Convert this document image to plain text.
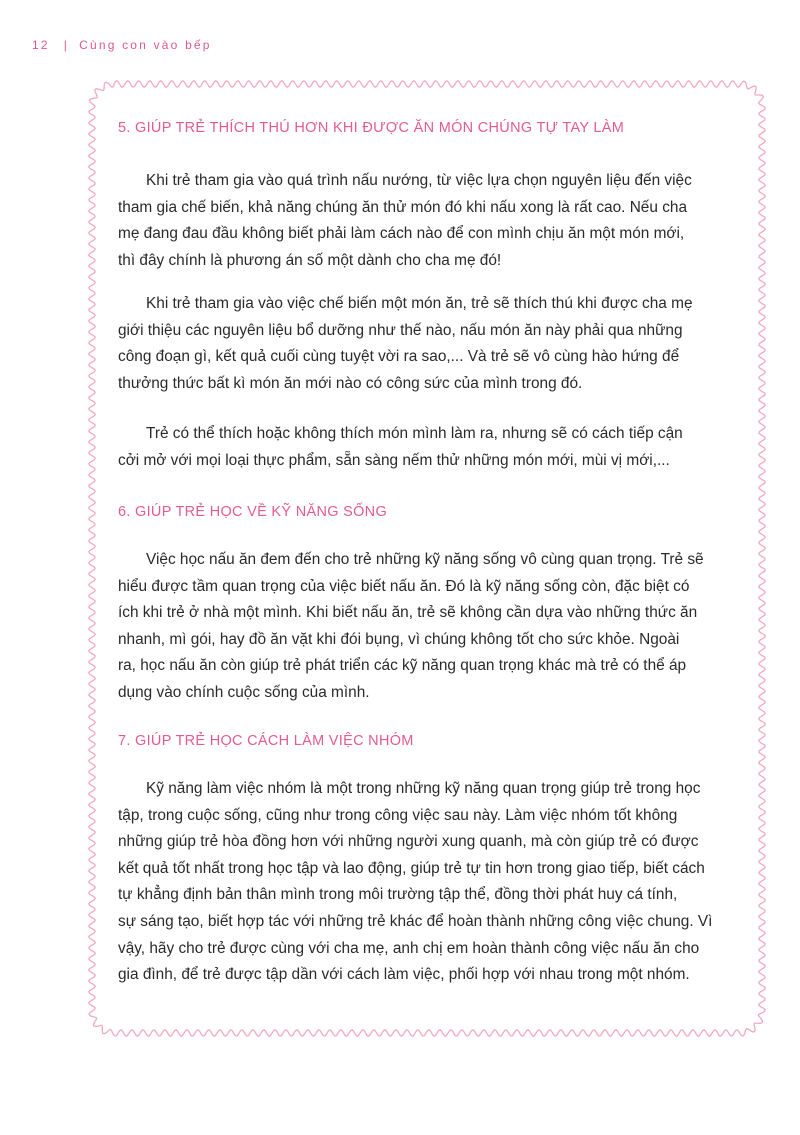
12 | Cùng con vào bếp
5. GIÚP TRẺ THÍCH THÚ HƠN KHI ĐƯỢC ĂN MÓN CHÚNG TỰ TAY LÀM

Khi trẻ tham gia vào quá trình nấu nướng, từ việc lựa chọn nguyên liệu đến việc
tham gia chế biến, khả năng chúng ăn thử món đó khi nấu xong là rất cao. Nếu cha
mẹ đang đau đầu không biết phải làm cách nào để con mình chịu ăn một món mới,
thì đây chính là phương án số một dành cho cha mẹ đó!

Khi trẻ tham gia vào việc chế biến một món ăn, trẻ sẽ thích thú khi được cha mẹ
giới thiệu các nguyên liệu bổ dưỡng như thế nào, nấu món ăn này phải qua những
công đoạn gì, kết quả cuối cùng tuyệt vời ra sao,... Và trẻ sẽ vô cùng hào hứng để
thưởng thức bất kì món ăn mới nào có công sức của mình trong đó.

Trẻ có thể thích hoặc không thích món mình làm ra, nhưng sẽ có cách tiếp cận
cởi mở với mọi loại thực phẩm, sẵn sàng nếm thử những món mới, mùi vị mới,...

6. GIÚP TRẺ HỌC VỀ KỸ NĂNG SỐNG

Việc học nấu ăn đem đến cho trẻ những kỹ năng sống vô cùng quan trọng. Trẻ sẽ
hiểu được tầm quan trọng của việc biết nấu ăn. Đó là kỹ năng sống còn, đặc biệt có
ích khi trẻ ở nhà một mình. Khi biết nấu ăn, trẻ sẽ không cần dựa vào những thức ăn
nhanh, mì gói, hay đồ ăn vặt khi đói bụng, vì chúng không tốt cho sức khỏe. Ngoài
ra, học nấu ăn còn giúp trẻ phát triển các kỹ năng quan trọng khác mà trẻ có thể áp
dụng vào chính cuộc sống của mình.

7. GIÚP TRẺ HỌC CÁCH LÀM VIỆC NHÓM

Kỹ năng làm việc nhóm là một trong những kỹ năng quan trọng giúp trẻ trong học
tập, trong cuộc sống, cũng như trong công việc sau này. Làm việc nhóm tốt không
những giúp trẻ hòa đồng hơn với những người xung quanh, mà còn giúp trẻ có được
kết quả tốt nhất trong học tập và lao động, giúp trẻ tự tin hơn trong giao tiếp, biết cách
tự khẳng định bản thân mình trong môi trường tập thể, đồng thời phát huy cá tính,
sự sáng tạo, biết hợp tác với những trẻ khác để hoàn thành những công việc chung. Vì
vậy, hãy cho trẻ được cùng với cha mẹ, anh chị em hoàn thành công việc nấu ăn cho
gia đình, để trẻ được tập dần với cách làm việc, phối hợp với nhau trong một nhóm.
